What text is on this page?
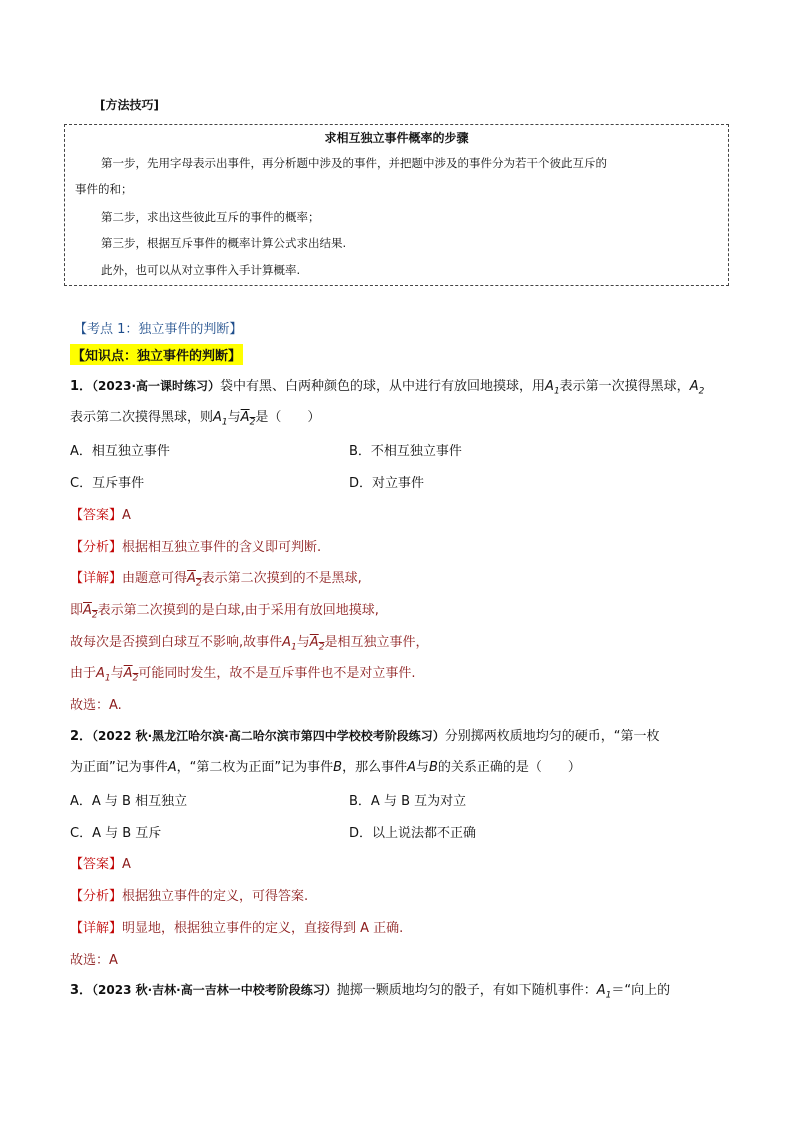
[方法技巧]
求相互独立事件概率的步骤
第一步，先用字母表示出事件，再分析题中涉及的事件，并把题中涉及的事件分为若干个彼此互斥的
事件的和；
第二步，求出这些彼此互斥的事件的概率；
第三步，根据互斥事件的概率计算公式求出结果.
此外，也可以从对立事件入手计算概率.
【考点 1：独立事件的判断】
【知识点：独立事件的判断】
1．（2023·高一课时练习）袋中有黑、白两种颜色的球，从中进行有放回地摸球，用$A_1$表示第一次摸得黑球，$A_2$
表示第二次摸得黑球，则$A_1$与$A_2$是（　　）
A．相互独立事件	B．不相互独立事件
C．互斥事件	D．对立事件
【答案】A
【分析】根据相互独立事件的含义即可判断.
【详解】由题意可得$A_2$表示第二次摸到的不是黑球,
即$A_2$表示第二次摸到的是白球,由于采用有放回地摸球,
故每次是否摸到白球互不影响,故事件$A_1$与$A_2$是相互独立事件，
由于$A_1$与$A_2$可能同时发生，故不是互斥事件也不是对立事件.
故选：A.
2．（2022 秋·黑龙江哈尔滨·高二哈尔滨市第四中学校校考阶段练习）分别掷两枚质地均匀的硬币，“第一枚
为正面”记为事件A，“第二枚为正面”记为事件B，那么事件A与B的关系正确的是（　　）
A．A 与 B 相互独立	B．A 与 B 互为对立
C．A 与 B 互斥	D．以上说法都不正确
【答案】A
【分析】根据独立事件的定义，可得答案.
【详解】明显地，根据独立事件的定义，直接得到 A 正确.
故选：A
3．（2023 秋·吉林·高一吉林一中校考阶段练习）抛掷一颗质地均匀的骰子，有如下随机事件：$A_1=“$向上的
